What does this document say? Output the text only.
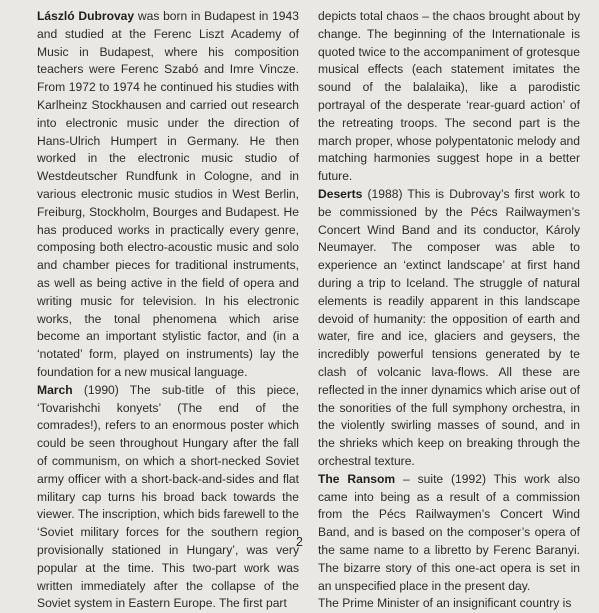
László Dubrovay was born in Budapest in 1943 and studied at the Ferenc Liszt Academy of Music in Budapest, where his composition teachers were Ferenc Szabó and Imre Vincze. From 1972 to 1974 he continued his studies with Karlheinz Stockhausen and carried out research into electronic music under the direction of Hans-Ulrich Humpert in Germany. He then worked in the electronic music studio of Westdeutscher Rundfunk in Cologne, and in various electronic music studios in West Berlin, Freiburg, Stockholm, Bourges and Budapest. He has produced works in practically every genre, composing both electro-acoustic music and solo and chamber pieces for traditional instruments, as well as being active in the field of opera and writing music for television. In his electronic works, the tonal phenomena which arise become an important stylistic factor, and (in a ‘notated’ form, played on instruments) lay the foundation for a new musical language.

March (1990) The sub-title of this piece, ‘Tovarishchi konyets’ (The end of the comrades!), refers to an enormous poster which could be seen throughout Hungary after the fall of communism, on which a short-necked Soviet army officer with a short-back-and-sides and flat military cap turns his broad back towards the viewer. The inscription, which bids farewell to the ‘Soviet military forces for the southern region provisionally stationed in Hungary’, was very popular at the time. This two-part work was written immediately after the collapse of the Soviet system in Eastern Europe. The first part

depicts total chaos – the chaos brought about by change. The beginning of the Internationale is quoted twice to the accompaniment of grotesque musical effects (each statement imitates the sound of the balalaika), like a parodistic portrayal of the desperate ‘rear-guard action’ of the retreating troops. The second part is the march proper, whose polypentatonic melody and matching harmonies suggest hope in a better future.

Deserts (1988) This is Dubrovay’s first work to be commissioned by the Pécs Railwaymen’s Concert Wind Band and its conductor, Károly Neumayer. The composer was able to experience an ‘extinct landscape’ at first hand during a trip to Iceland. The struggle of natural elements is readily apparent in this landscape devoid of humanity: the opposition of earth and water, fire and ice, glaciers and geysers, the incredibly powerful tensions generated by te clash of volcanic lava-flows. All these are reflected in the inner dynamics which arise out of the sonorities of the full symphony orchestra, in the violently swirling masses of sound, and in the shrieks which keep on breaking through the orchestral texture.

The Ransom – suite (1992) This work also came into being as a result of a commission from the Pécs Railwaymen’s Concert Wind Band, and is based on the composer’s opera of the same name to a libretto by Ferenc Baranyi. The bizarre story of this one-act opera is set in an unspecified place in the present day.

The Prime Minister of an insignificant country is

2
